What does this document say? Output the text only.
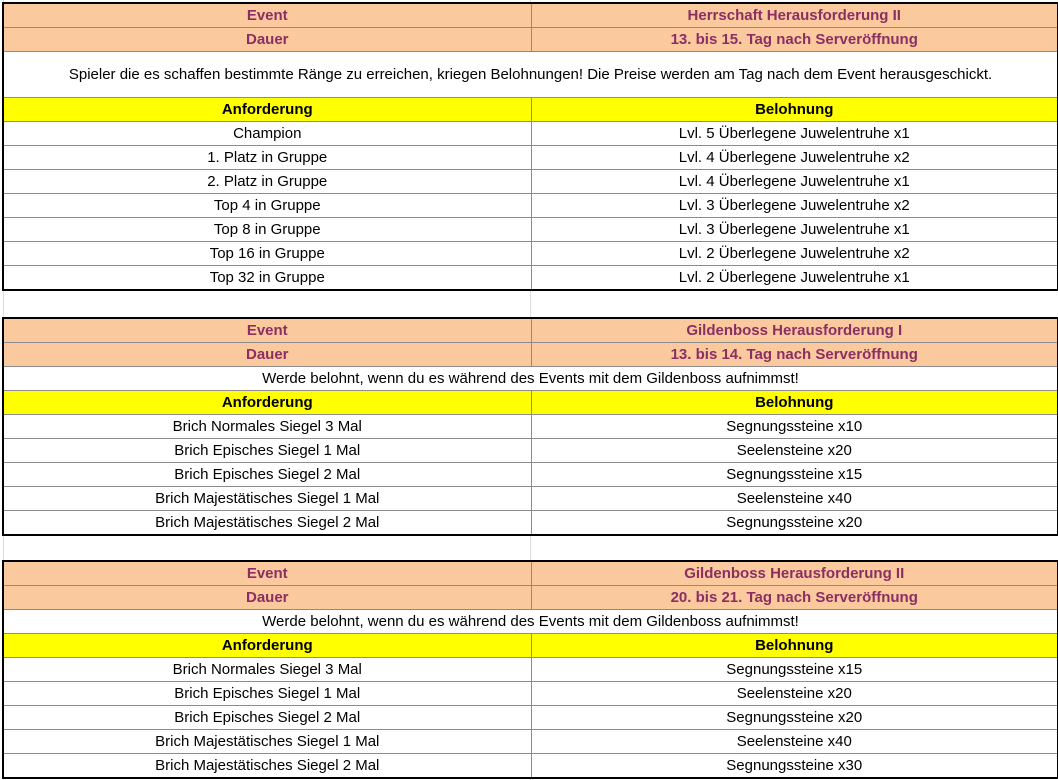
Event	Herrschaft Herausforderung II
Dauer	13. bis 15. Tag nach Serveröffnung
Spieler die es schaffen bestimmte Ränge zu erreichen, kriegen Belohnungen! Die Preise werden am Tag nach dem Event herausgeschickt.	
Anforderung	Belohnung
Champion	Lvl. 5 Überlegene Juwelentruhe x1
1. Platz in Gruppe	Lvl. 4 Überlegene Juwelentruhe x2
2. Platz in Gruppe	Lvl. 4 Überlegene Juwelentruhe x1
Top 4 in Gruppe	Lvl. 3 Überlegene Juwelentruhe x2
Top 8 in Gruppe	Lvl. 3 Überlegene Juwelentruhe x1
Top 16 in Gruppe	Lvl. 2 Überlegene Juwelentruhe x2
Top 32 in Gruppe	Lvl. 2 Überlegene Juwelentruhe x1
Event	Gildenboss Herausforderung I
Dauer	13. bis 14. Tag nach Serveröffnung
Werde belohnt, wenn du es während des Events mit dem Gildenboss aufnimmst!	
Anforderung	Belohnung
Brich Normales Siegel 3 Mal	Segnungssteine x10
Brich Episches Siegel 1 Mal	Seelensteine x20
Brich Episches Siegel 2 Mal	Segnungssteine x15
Brich Majestätisches Siegel 1 Mal	Seelensteine x40
Brich Majestätisches Siegel 2 Mal	Segnungssteine x20
Event	Gildenboss Herausforderung II
Dauer	20. bis 21. Tag nach Serveröffnung
Werde belohnt, wenn du es während des Events mit dem Gildenboss aufnimmst!	
Anforderung	Belohnung
Brich Normales Siegel 3 Mal	Segnungssteine x15
Brich Episches Siegel 1 Mal	Seelensteine x20
Brich Episches Siegel 2 Mal	Segnungssteine x20
Brich Majestätisches Siegel 1 Mal	Seelensteine x40
Brich Majestätisches Siegel 2 Mal	Segnungssteine x30
